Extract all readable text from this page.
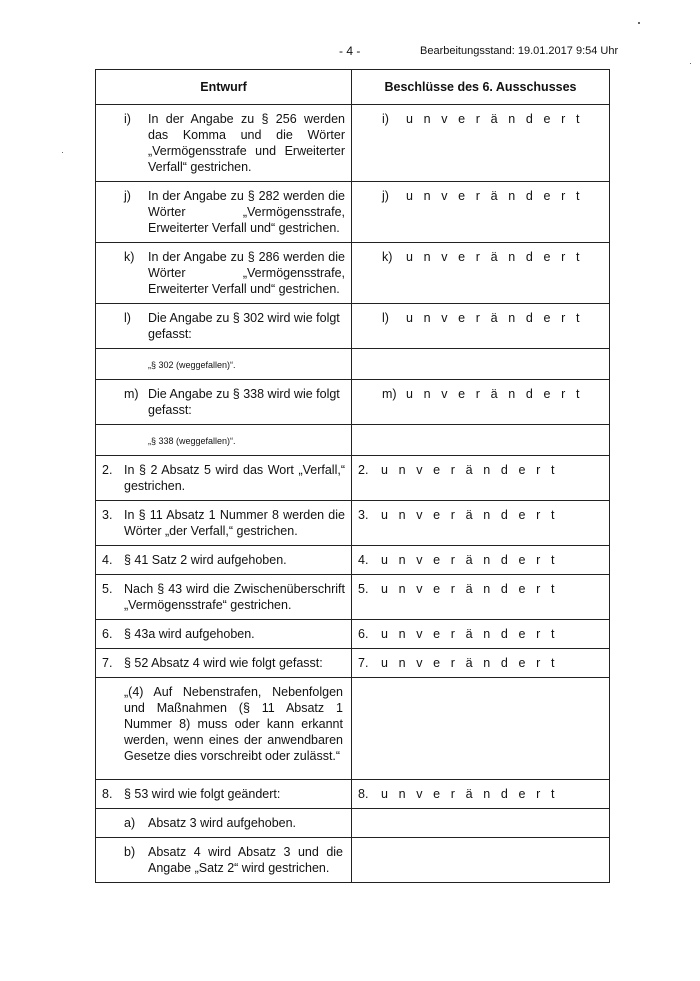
- 4 -	Bearbeitungsstand: 19.01.2017 9:54 Uhr
Entwurf	Beschlüsse des 6. Ausschusses

i) In der Angabe zu § 256 werden das Komma und die Wörter „Vermögensstrafe und Erweiterter Verfall“ gestrichen.	i) u n v e r ä n d e r t

j) In der Angabe zu § 282 werden die Wörter „Vermögensstrafe, Erweiterter Verfall und“ gestrichen.	j) u n v e r ä n d e r t

k) In der Angabe zu § 286 werden die Wörter „Vermögensstrafe, Erweiterter Verfall und“ gestrichen.	k) u n v e r ä n d e r t

l) Die Angabe zu § 302 wird wie folgt gefasst:	l) u n v e r ä n d e r t

„§ 302 (weggefallen)“.	

m) Die Angabe zu § 338 wird wie folgt gefasst:	m) u n v e r ä n d e r t

„§ 338 (weggefallen)“.	

2. In § 2 Absatz 5 wird das Wort „Verfall,“ gestrichen.	2. u n v e r ä n d e r t

3. In § 11 Absatz 1 Nummer 8 werden die Wörter „der Verfall,“ gestrichen.	3. u n v e r ä n d e r t

4. § 41 Satz 2 wird aufgehoben.	4. u n v e r ä n d e r t

5. Nach § 43 wird die Zwischenüberschrift „Vermögensstrafe“ gestrichen.	5. u n v e r ä n d e r t

6. § 43a wird aufgehoben.	6. u n v e r ä n d e r t

7. § 52 Absatz 4 wird wie folgt gefasst:	7. u n v e r ä n d e r t

„(4) Auf Nebenstrafen, Nebenfolgen und Maßnahmen (§ 11 Absatz 1 Nummer 8) muss oder kann erkannt werden, wenn eines der anwendbaren Gesetze dies vorschreibt oder zulässt.“	

8. § 53 wird wie folgt geändert:	8. u n v e r ä n d e r t

a) Absatz 3 wird aufgehoben.	

b) Absatz 4 wird Absatz 3 und die Angabe „Satz 2“ wird gestrichen.	
